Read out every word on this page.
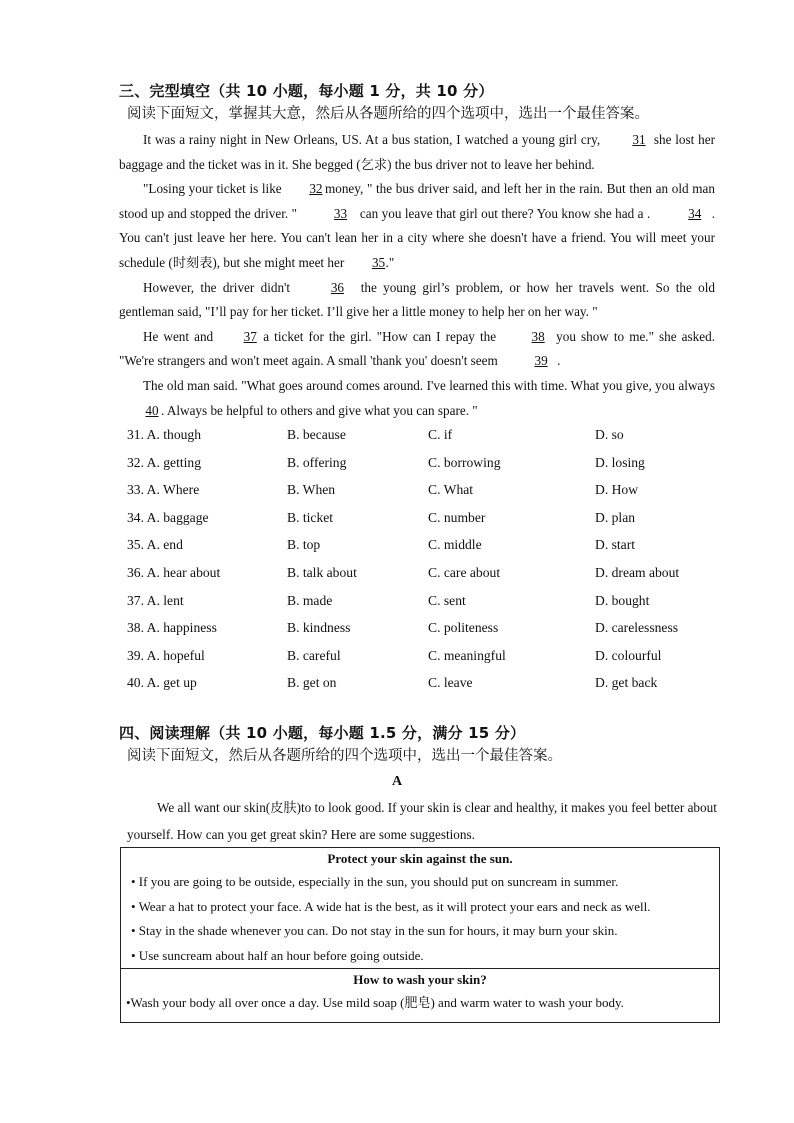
三、完型填空（共 10 小题，每小题 1 分，共 10 分）
阅读下面短文，掌握其大意，然后从各题所给的四个选项中，选出一个最佳答案。

It was a rainy night in New Orleans, US. At a bus station, I watched a young girl cry, 31 she lost her baggage and the ticket was in it. She begged (乞求) the bus driver not to leave her behind.

"Losing your ticket is like 32 money, " the bus driver said, and left her in the rain. But then an old man stood up and stopped the driver. "	33 can you leave that girl out there? You know she had a .	34 . You can't just leave her here. You can't lean her in a city where she doesn't have a friend. You will meet your schedule (时刻表), but she might meet her 35."

However, the driver didn't	36 the young girl’s problem, or how her travels went. So the old gentleman said, "I’ll pay for her ticket. I’ll give her a little money to help her on her way. "

He went and 37 a ticket for the girl. "How can I repay the 38 you show to me." she asked. "We're strangers and won't meet again. A small 'thank you' doesn't seem	39 .

The old man said. "What goes around comes around. I've learned this with time. What you give, you always 40 . Always be helpful to others and give what you can spare. "

31. A. though	B. because	C. if	D. so
32. A. getting	B. offering	C. borrowing	D. losing
33. A. Where	B. When	C. What	D. How
34. A. baggage	B. ticket	C. number	D. plan
35. A. end	B. top	C. middle	D. start
36. A. hear about	B. talk about	C. care about	D. dream about
37. A. lent	B. made	C. sent	D. bought
38. A. happiness	B. kindness	C. politeness	D. carelessness
39. A. hopeful	B. careful	C. meaningful	D. colourful
40. A. get up	B. get on	C. leave	D. get back
四、阅读理解（共 10 小题，每小题 1.5 分，满分 15 分）
阅读下面短文，然后从各题所给的四个选项中，选出一个最佳答案。
A

We all want our skin(皮肤)to to look good. If your skin is clear and healthy, it makes you feel better about yourself. How can you get great skin? Here are some suggestions.

Protect your skin against the sun.
• If you are going to be outside, especially in the sun, you should put on suncream in summer.
• Wear a hat to protect your face. A wide hat is the best, as it will protect your ears and neck as well.
• Stay in the shade whenever you can. Do not stay in the sun for hours, it may burn your skin.
• Use suncream about half an hour before going outside.
How to wash your skin?
•Wash your body all over once a day. Use mild soap (肥皂) and warm water to wash your body.
